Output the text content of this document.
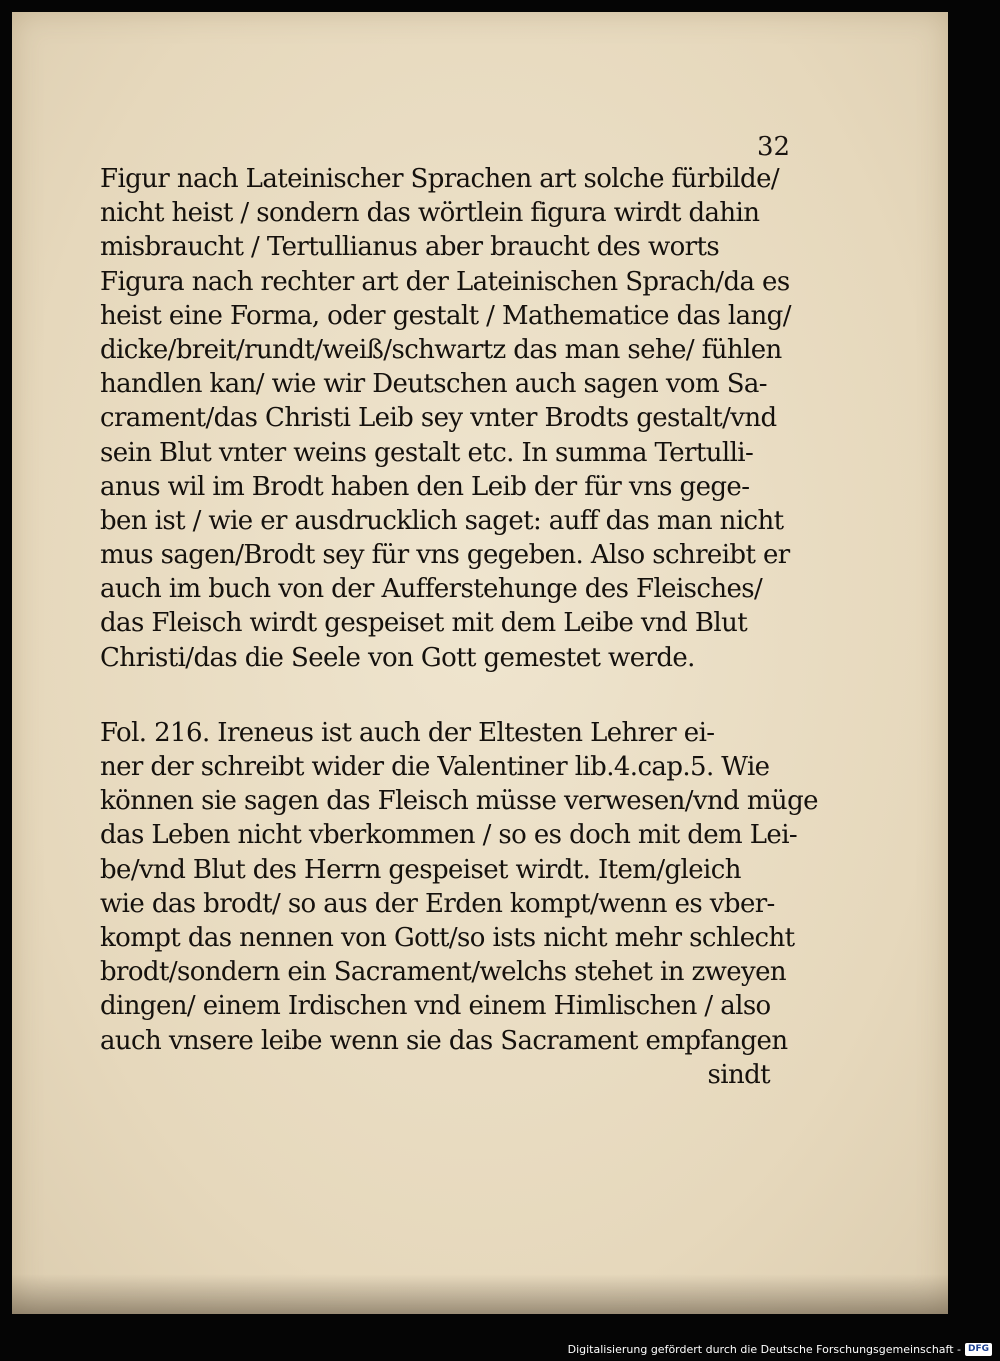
32

Figur nach Lateinischer Sprachen art solche fürbilde/

nicht heist / sondern das wörtlein figura wirdt dahin

misbraucht / Tertullianus aber braucht des worts

Figura nach rechter art der Lateinischen Sprach/da es

heist eine Forma, oder gestalt / Mathematice das lang/

dicke/breit/rundt/weiß/schwartz das man sehe/ fühlen

handlen kan/ wie wir Deutschen auch sagen vom Sa-

crament/das Christi Leib sey vnter Brodts gestalt/vnd

sein Blut vnter weins gestalt etc. In summa Tertulli-

anus wil im Brodt haben den Leib der für vns gege-

ben ist / wie er ausdrucklich saget: auff das man nicht

mus sagen/Brodt sey für vns gegeben. Also schreibt er

auch im buch von der Aufferstehunge des Fleisches/

das Fleisch wirdt gespeiset mit dem Leibe vnd Blut

Christi/das die Seele von Gott gemestet werde.

Fol. 216. Ireneus ist auch der Eltesten Lehrer ei-

ner der schreibt wider die Valentiner lib.4.cap.5. Wie

können sie sagen das Fleisch müsse verwesen/vnd müge

das Leben nicht vberkommen / so es doch mit dem Lei-

be/vnd Blut des Herrn gespeiset wirdt. Item/gleich

wie das brodt/ so aus der Erden kompt/wenn es vber-

kompt das nennen von Gott/so ists nicht mehr schlecht

brodt/sondern ein Sacrament/welchs stehet in zweyen

dingen/ einem Irdischen vnd einem Himlischen / also

auch vnsere leibe wenn sie das Sacrament empfangen

sindt

Digitalisierung gefördert durch die Deutsche Forschungsgemeinschaft - DFG
